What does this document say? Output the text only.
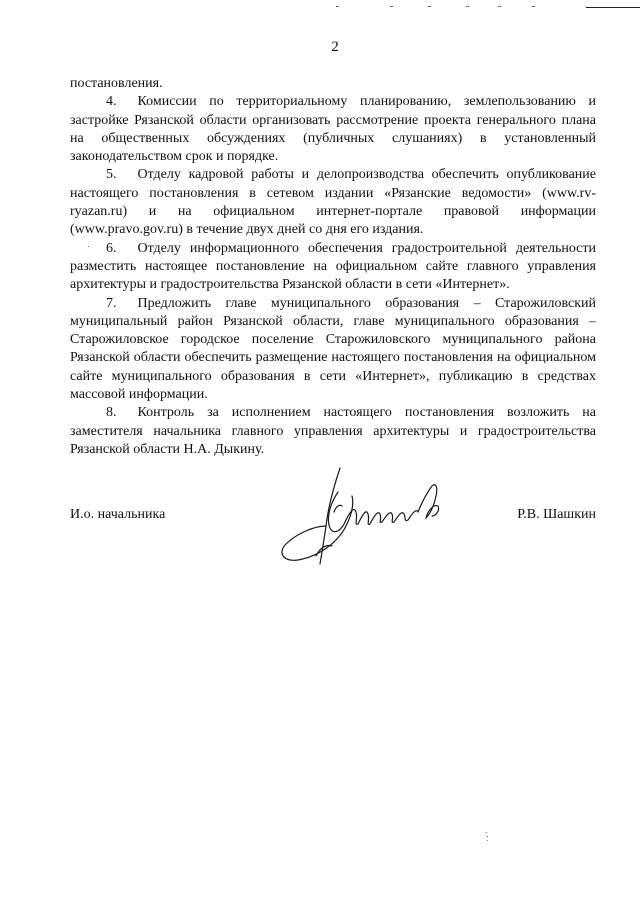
2

постановления.

4.  Комиссии по территориальному планированию, землепользованию и застройке Рязанской области организовать рассмотрение проекта генерального плана на общественных обсуждениях (публичных слушаниях) в установленный законодательством срок и порядке.

5.  Отделу кадровой работы и делопроизводства обеспечить опубликование настоящего постановления в сетевом издании «Рязанские ведомости» (www.rv-ryazan.ru) и на официальном интернет-портале правовой информации (www.pravo.gov.ru) в течение двух дней со дня его издания.

6.  Отделу информационного обеспечения градостроительной деятельности разместить настоящее постановление на официальном сайте главного управления архитектуры и градостроительства Рязанской области в сети «Интернет».

7.  Предложить главе муниципального образования – Старожиловский муниципальный район Рязанской области, главе муниципального образования – Старожиловское городское поселение Старожиловского муниципального района Рязанской области обеспечить размещение настоящего постановления на официальном сайте муниципального образования в сети «Интернет», публикацию в средствах массовой информации.

8.  Контроль за исполнением настоящего постановления возложить на заместителя начальника главного управления архитектуры и градостроительства Рязанской области Н.А. Дыкину.

И.о. начальника	Р.В. Шашкин
